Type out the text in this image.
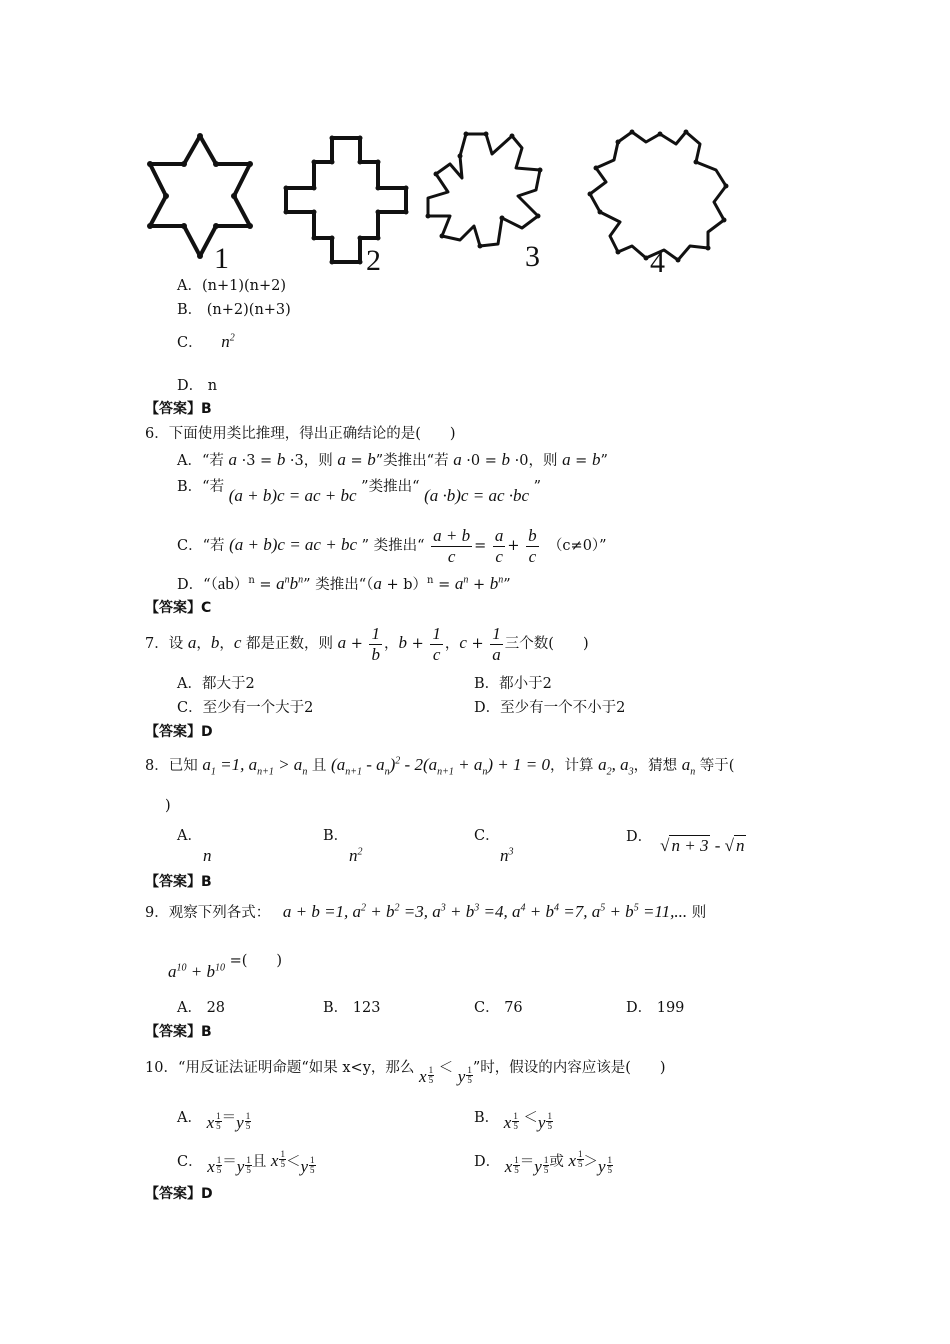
1	2	3	4
A．(n+1)(n+2)
B． (n+2)(n+3)
C． $n^2$
D． n
【答案】B
6．下面使用类比推理，得出正确结论的是(　　)
A．“若 a ·3 = b ·3，则 a = b”类推出“若 a ·0 = b ·0，则 a = b”
B．“若 (a + b)c = ac + bc ”类推出“ (a ·b)c = ac ·bc ”
C．“若 (a + b)c = ac + bc ” 类推出“ $\frac{a + b}{c} = \frac{a}{c} + \frac{b}{c}$ 　（c≠0）”
D．“$(ab)^n = a^nb^n$” 类推出“$(a + b)^n = a^n + b^n$”
【答案】C
7．设 a，b，c 都是正数，则 $a + \frac{1}{b}$ ，$b + \frac{1}{c}$ ，$c + \frac{1}{a}$ 三个数(　　)
A．都大于2	B．都小于2
C．至少有一个大于2	D．至少有一个不小于2
【答案】D
8．已知 $a_1 =1$, $a_{n+1} > a_n$ 且 $(a_{n+1} - a_n)^2 - 2(a_{n+1} + a_n) + 1 = 0$，计算 $a_2$, $a_3$，猜想 $a_n$ 等于(
)
A．
n
B．
$n^2$
C．
$n^3$
D． √ n + 3 - √ n
【答案】B
9．观察下列各式： a + b =1, $a^2 + b^2 =3$, $a^3 + b^3 =4$, $a^4 + b^4 =7$, $a^5 + b^5 =11$,... 则
$a^{10} + b^{10}$ =(　　)
A． 28	B． 123	C． 76	D． 199
【答案】B
10．“用反证法证明命题“如果 x<y，那么 x $\frac{1}{5} < y \frac{1}{5}$ ”时，假设的内容应该是(　　)
A． x $\frac{1}{5} =y \frac{1}{5}$	B． x $\frac{1}{5} <y \frac{1}{5}$
C． x $\frac{1}{5} =y \frac{1}{5}$ 且 x $\frac{1}{5} <y \frac{1}{5}$	D． x $\frac{1}{5} =y \frac{1}{5}$ 或 x $\frac{1}{5} >y \frac{1}{5}$
【答案】D
